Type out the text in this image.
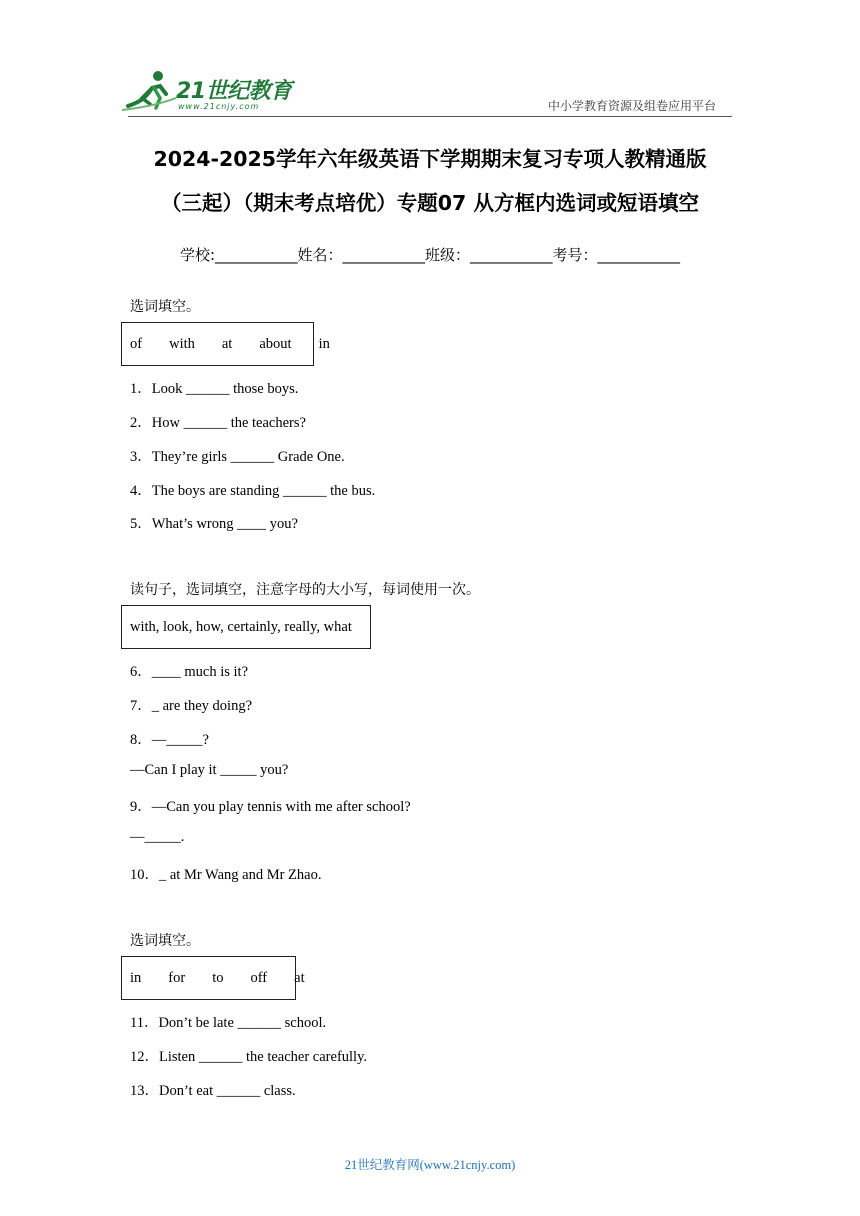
21世纪教育
www.21cnjy.com	中小学教育资源及组卷应用平台
2024-2025学年六年级英语下学期期末复习专项人教精通版
（三起）（期末考点培优）专题07 从方框内选词或短语填空
学校:___________姓名：___________班级：___________考号：___________
选词填空。
of with at about in
1．Look ______ those boys.
2．How ______ the teachers?
3．They’re girls ______ Grade One.
4．The boys are standing ______ the bus.
5．What’s wrong ____ you?
读句子，选词填空，注意字母的大小写，每词使用一次。
with, look, how, certainly, really, what
6．____ much is it?
7．_ are they doing?
8．—_____?
—Can I play it _____ you?
9．—Can you play tennis with me after school?
—_____.
10．_ at Mr Wang and Mr Zhao.
选词填空。
in for to off at
11．Don’t be late ______ school.
12．Listen ______ the teacher carefully.
13．Don’t eat ______ class.
21世纪教育网(www.21cnjy.com)
